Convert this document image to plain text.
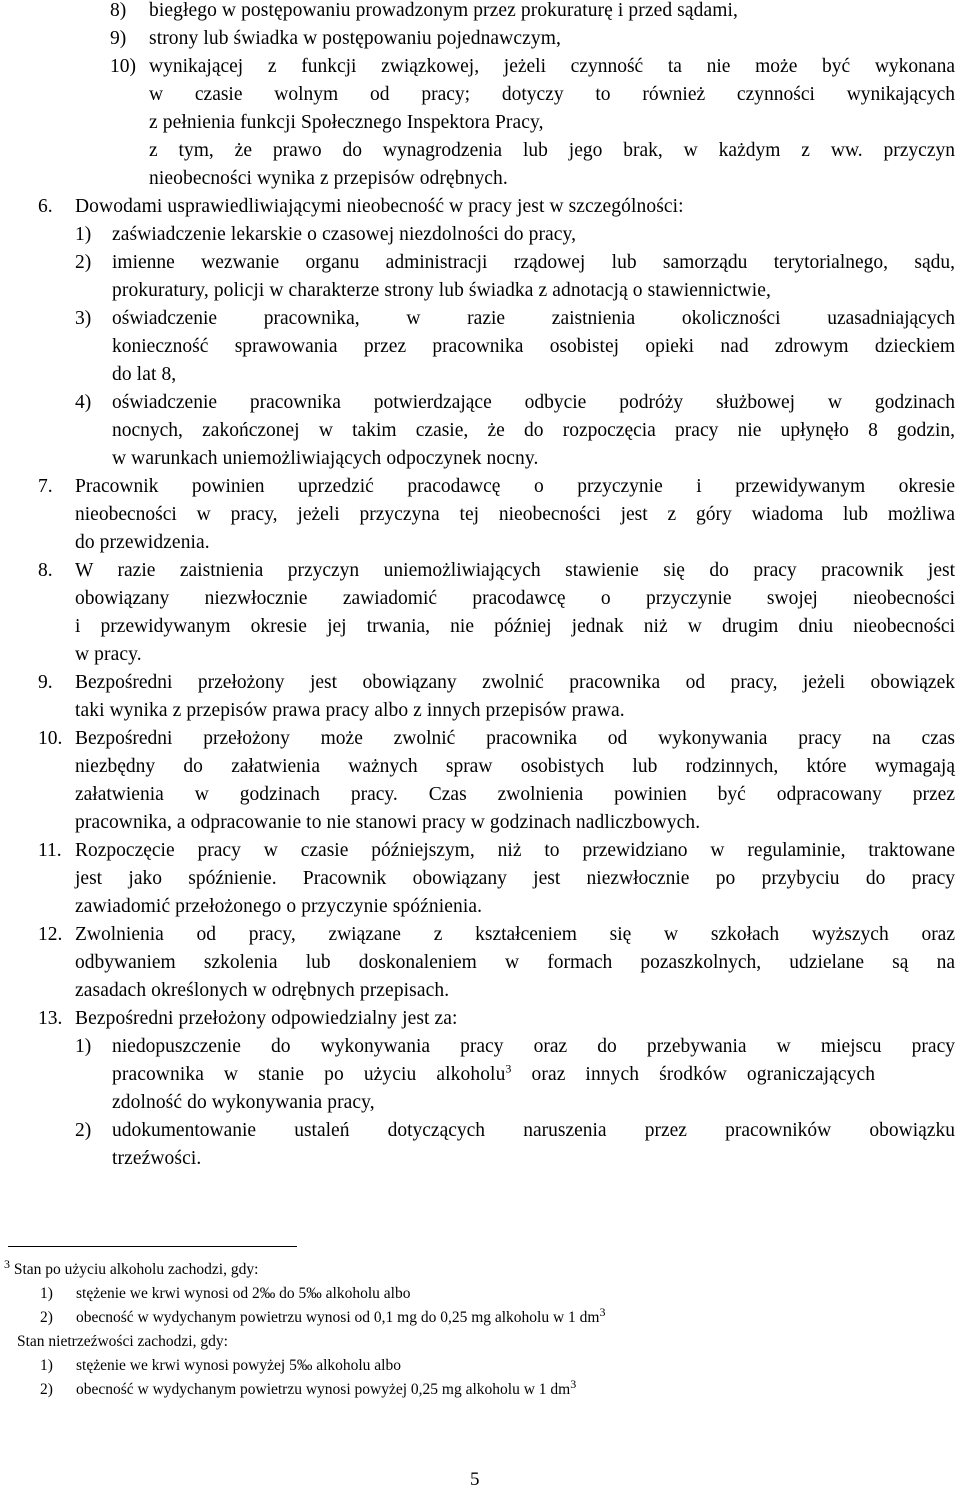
8) biegłego w postępowaniu prowadzonym przez prokuraturę i przed sądami,
9) strony lub świadka w postępowaniu pojednawczym,
10) wynikającej z funkcji związkowej, jeżeli czynność ta nie może być wykonana
w czasie wolnym od pracy; dotyczy to również czynności wynikających
z pełnienia funkcji Społecznego Inspektora Pracy,
z tym, że prawo do wynagrodzenia lub jego brak, w każdym z ww. przyczyn
nieobecności wynika z przepisów odrębnych.
6. Dowodami usprawiedliwiającymi nieobecność w pracy jest w szczególności:
1) zaświadczenie lekarskie o czasowej niezdolności do pracy,
2) imienne wezwanie organu administracji rządowej lub samorządu terytorialnego, sądu,
prokuratury, policji w charakterze strony lub świadka z adnotacją o stawiennictwie,
3) oświadczenie pracownika, w razie zaistnienia okoliczności uzasadniających
konieczność sprawowania przez pracownika osobistej opieki nad zdrowym dzieckiem
do lat 8,
4) oświadczenie pracownika potwierdzające odbycie podróży służbowej w godzinach
nocnych, zakończonej w takim czasie, że do rozpoczęcia pracy nie upłynęło 8 godzin,
w warunkach uniemożliwiających odpoczynek nocny.
7. Pracownik powinien uprzedzić pracodawcę o przyczynie i przewidywanym okresie
nieobecności w pracy, jeżeli przyczyna tej nieobecności jest z góry wiadoma lub możliwa
do przewidzenia.
8. W razie zaistnienia przyczyn uniemożliwiających stawienie się do pracy pracownik jest
obowiązany niezwłocznie zawiadomić pracodawcę o przyczynie swojej nieobecności
i przewidywanym okresie jej trwania, nie później jednak niż w drugim dniu nieobecności
w pracy.
9. Bezpośredni przełożony jest obowiązany zwolnić pracownika od pracy, jeżeli obowiązek
taki wynika z przepisów prawa pracy albo z innych przepisów prawa.
10. Bezpośredni przełożony może zwolnić pracownika od wykonywania pracy na czas
niezbędny do załatwienia ważnych spraw osobistych lub rodzinnych, które wymagają
załatwienia w godzinach pracy. Czas zwolnienia powinien być odpracowany przez
pracownika, a odpracowanie to nie stanowi pracy w godzinach nadliczbowych.
11. Rozpoczęcie pracy w czasie późniejszym, niż to przewidziano w regulaminie, traktowane
jest jako spóźnienie. Pracownik obowiązany jest niezwłocznie po przybyciu do pracy
zawiadomić przełożonego o przyczynie spóźnienia.
12. Zwolnienia od pracy, związane z kształceniem się w szkołach wyższych oraz
odbywaniem szkolenia lub doskonaleniem w formach pozaszkolnych, udzielane są na
zasadach określonych w odrębnych przepisach.
13. Bezpośredni przełożony odpowiedzialny jest za:
1) niedopuszczenie do wykonywania pracy oraz do przebywania w miejscu pracy
pracownika w stanie po użyciu alkoholu$^3$ oraz innych środków ograniczających
zdolność do wykonywania pracy,
2) udokumentowanie ustaleń dotyczących naruszenia przez pracowników obowiązku
trzeźwości.
$^3$ Stan po użyciu alkoholu zachodzi, gdy:
1) stężenie we krwi wynosi od 2‰ do 5‰ alkoholu albo
2) obecność w wydychanym powietrzu wynosi od 0,1 mg do 0,25 mg alkoholu w 1 $dm^3$
Stan nietrzeźwości zachodzi, gdy:
1) stężenie we krwi wynosi powyżej 5‰ alkoholu albo
2) obecność w wydychanym powietrzu wynosi powyżej 0,25 mg alkoholu w 1 $dm^3$
5
